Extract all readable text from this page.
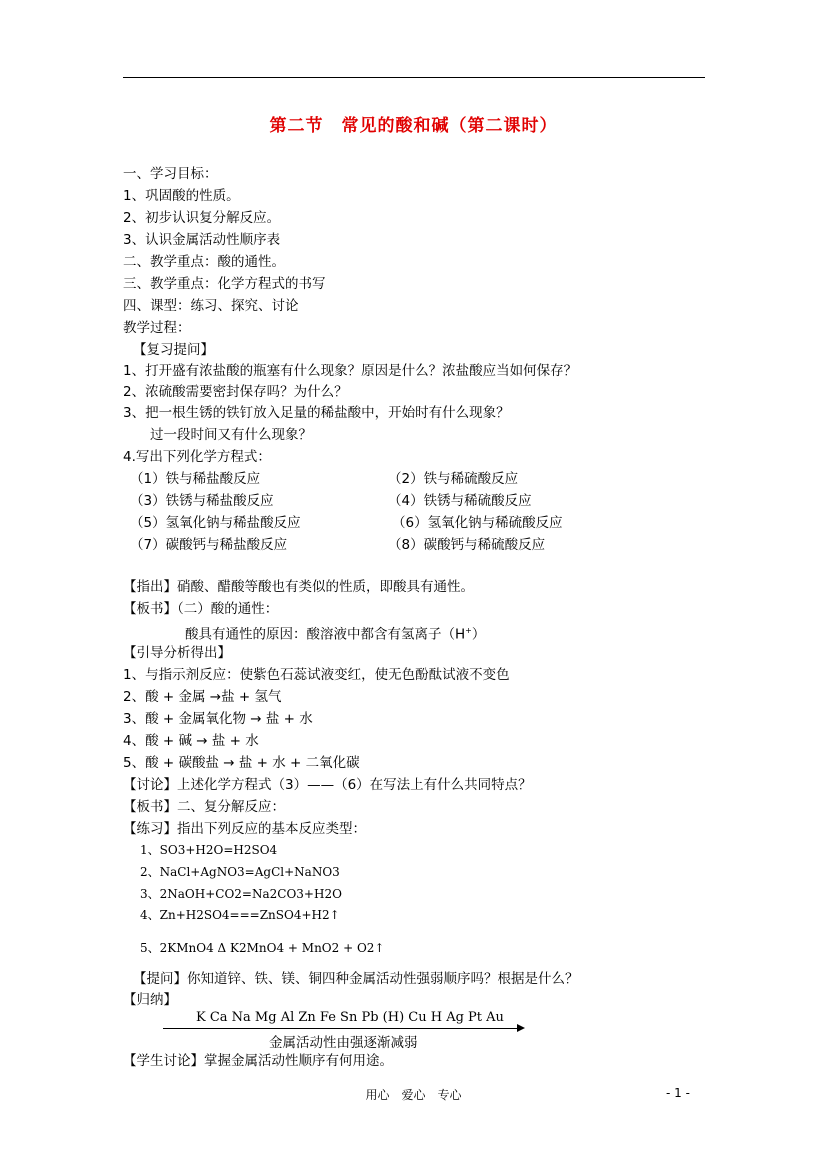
第二节　常见的酸和碱（第二课时）
一、学习目标：
1、巩固酸的性质。
2、初步认识复分解反应。
3、认识金属活动性顺序表
二、教学重点：酸的通性。
三、教学重点：化学方程式的书写
四、课型：练习、探究、讨论
教学过程：
【复习提问】
1、打开盛有浓盐酸的瓶塞有什么现象？原因是什么？浓盐酸应当如何保存？
2、浓硫酸需要密封保存吗？为什么？
3、把一根生锈的铁钉放入足量的稀盐酸中，开始时有什么现象？
过一段时间又有什么现象？
4.写出下列化学方程式：
（1）铁与稀盐酸反应
（3）铁锈与稀盐酸反应
（5）氢氧化钠与稀盐酸反应
（7）碳酸钙与稀盐酸反应
（2）铁与稀硫酸反应
（4）铁锈与稀硫酸反应
（6）氢氧化钠与稀硫酸反应
（8）碳酸钙与稀硫酸反应
【指出】硝酸、醋酸等酸也有类似的性质，即酸具有通性。
【板书】（二）酸的通性：
酸具有通性的原因：酸溶液中都含有氢离子（H+）
【引导分析得出】
1、与指示剂反应：使紫色石蕊试液变红，使无色酚酞试液不变色
2、酸 + 金属 →盐 + 氢气
3、酸 + 金属氧化物 → 盐 + 水
4、酸 + 碱 → 盐 + 水
5、酸 + 碳酸盐 → 盐 + 水 + 二氧化碳
【讨论】上述化学方程式（3）——（6）在写法上有什么共同特点？
【板书】二、复分解反应：
【练习】指出下列反应的基本反应类型：
1、SO3+H2O=H2SO4
2、NaCl+AgNO3=AgCl+NaNO3
3、2NaOH+CO2=Na2CO3+H2O
4、Zn+H2SO4===ZnSO4+H2↑
5、2KMnO4 Δ K2MnO4 + MnO2 + O2↑
【提问】你知道锌、铁、镁、铜四种金属活动性强弱顺序吗？根据是什么？
【归纳】
K Ca Na Mg Al Zn Fe Sn Pb (H) Cu H Ag Pt Au
金属活动性由强逐渐减弱
【学生讨论】掌握金属活动性顺序有何用途。
用心　爱心　专心	- 1 -
